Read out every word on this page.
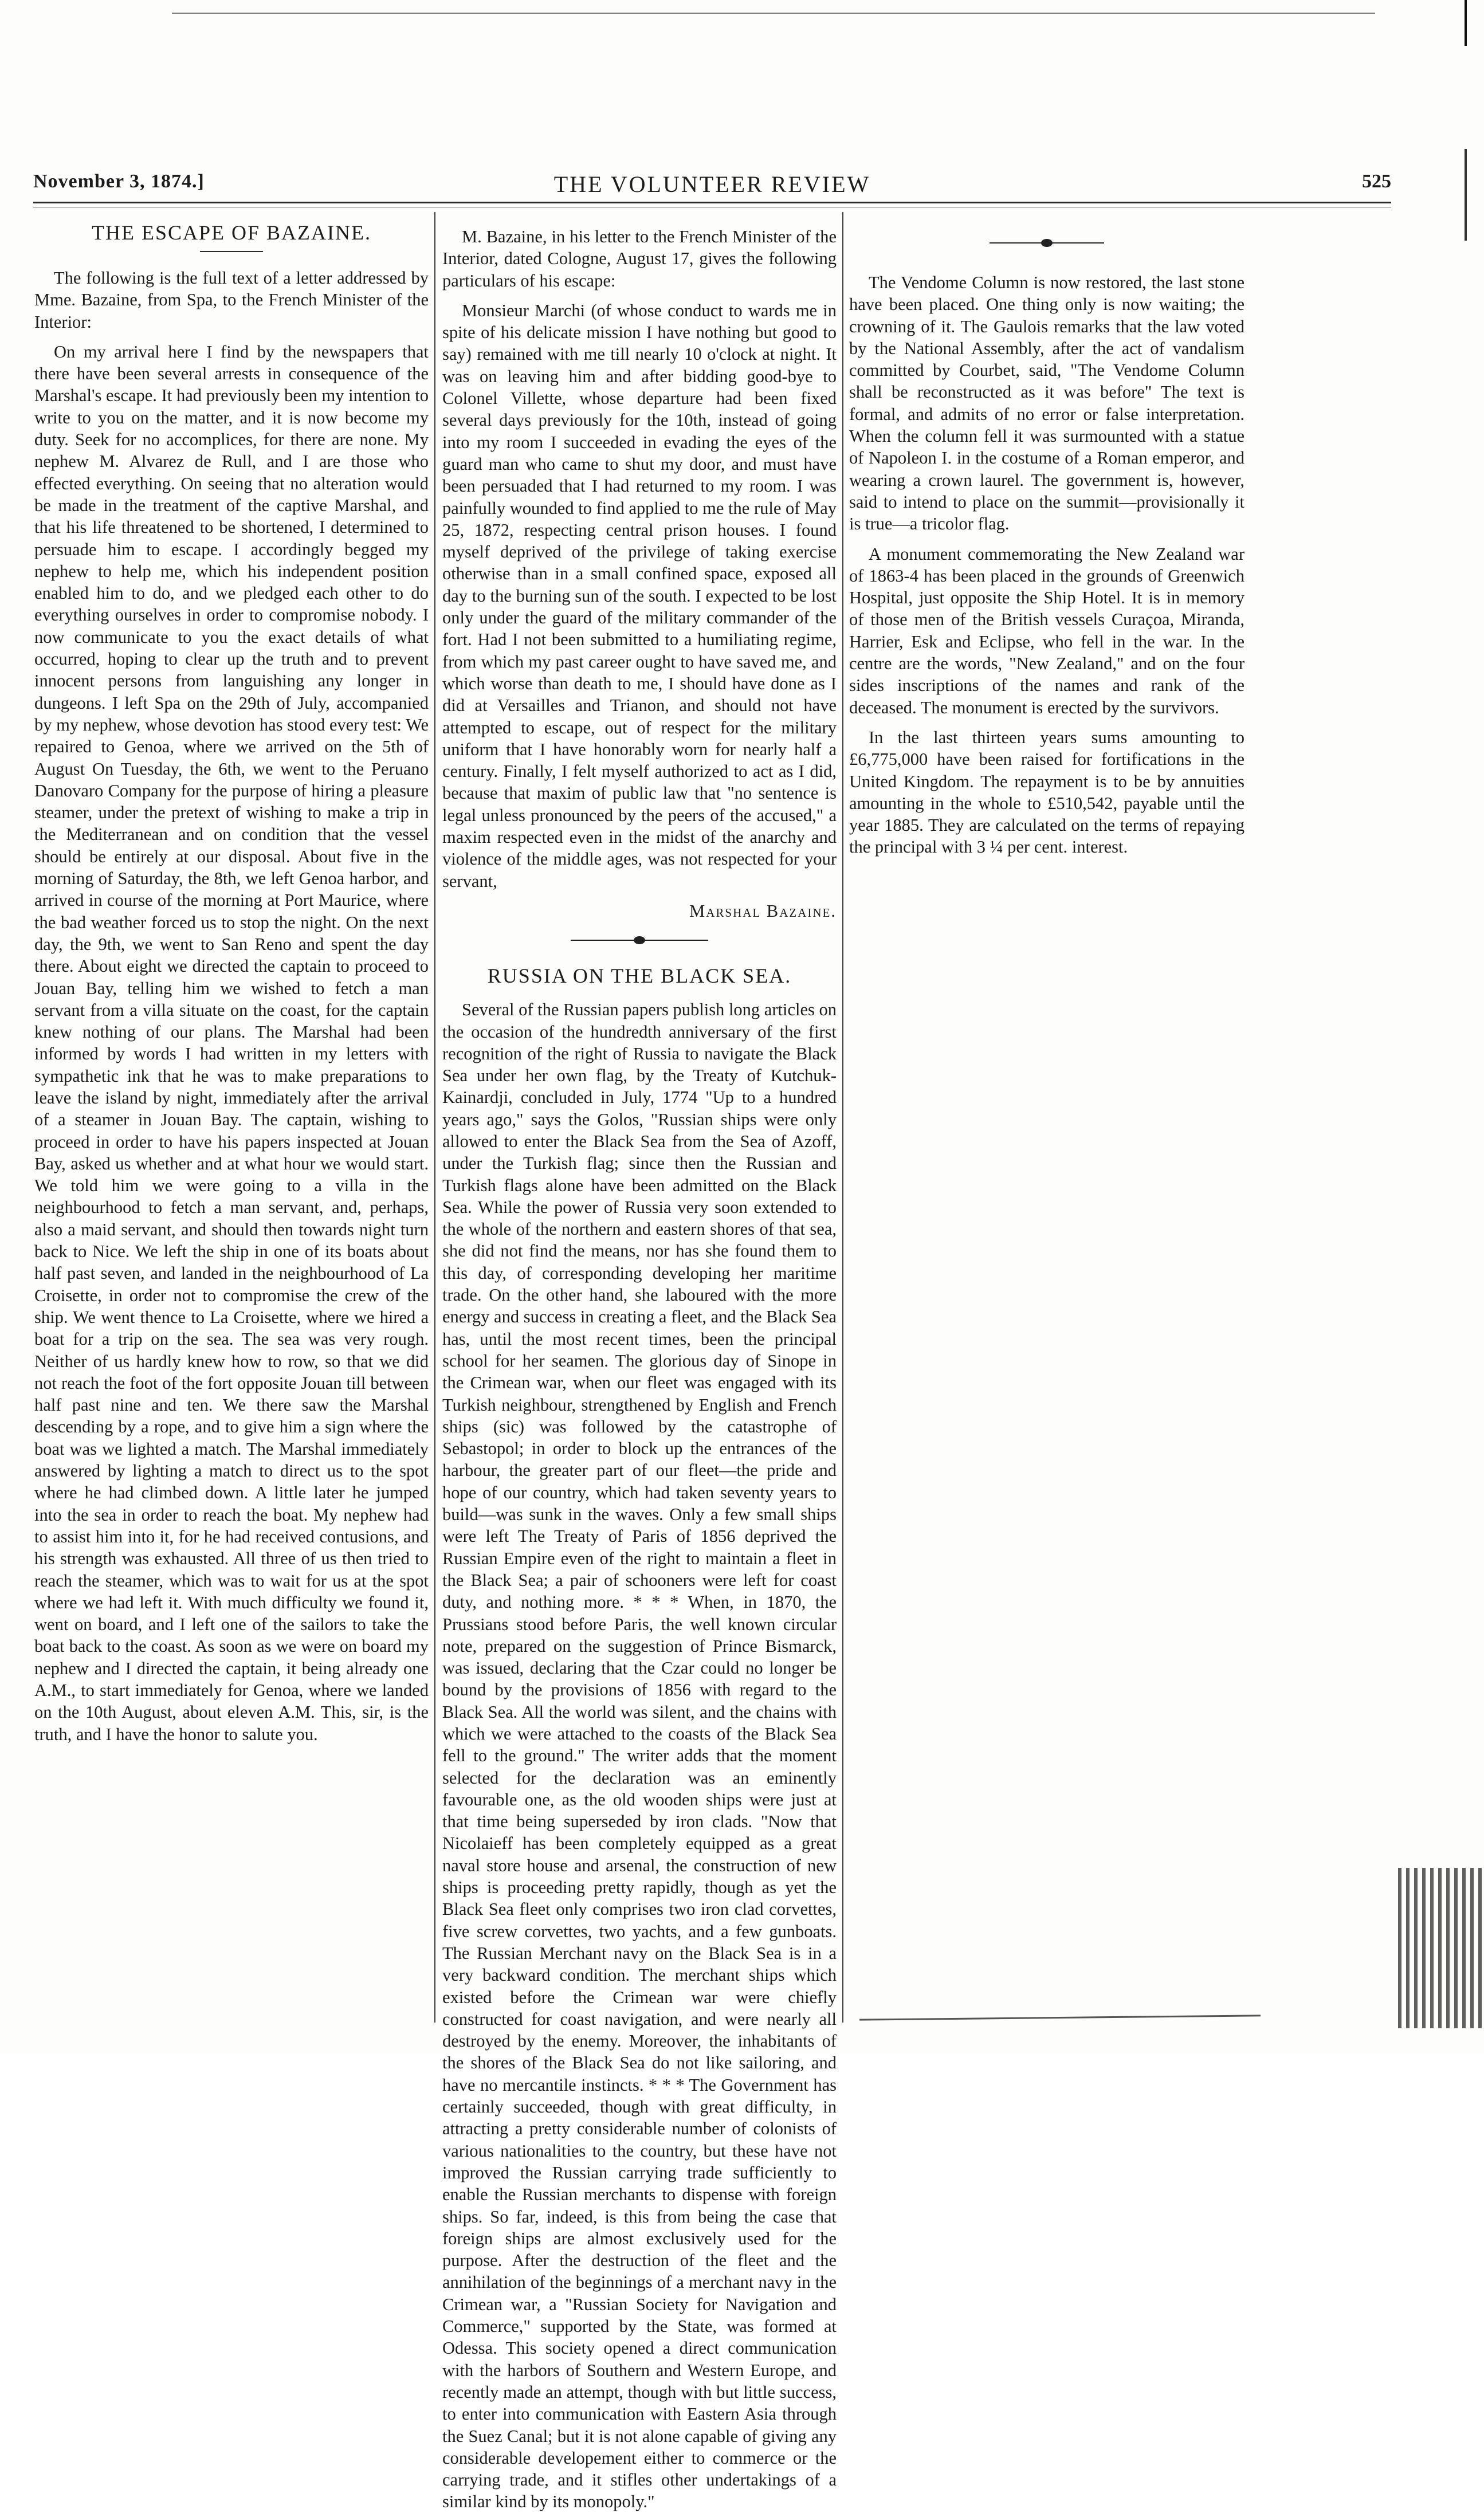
November 3, 1874.]	THE VOLUNTEER REVIEW	525
THE ESCAPE OF BAZAINE.

The following is the full text of a letter addressed by Mme. Bazaine, from Spa, to the French Minister of the Interior:

On my arrival here I find by the newspapers that there have been several arrests in consequence of the Marshal's escape. It had previously been my intention to write to you on the matter, and it is now become my duty. Seek for no accomplices, for there are none. My nephew M. Alvarez de Rull, and I are those who effected everything. On seeing that no alteration would be made in the treatment of the captive Marshal, and that his life threatened to be shortened, I determined to persuade him to escape. I accordingly begged my nephew to help me, which his independent position enabled him to do, and we pledged each other to do everything ourselves in order to compromise nobody. I now communicate to you the exact details of what occurred, hoping to clear up the truth and to prevent innocent persons from languishing any longer in dungeons. I left Spa on the 29th of July, accompanied by my nephew, whose devotion has stood every test: We repaired to Genoa, where we arrived on the 5th of August On Tuesday, the 6th, we went to the Peruano Danovaro Company for the purpose of hiring a pleasure steamer, under the pretext of wishing to make a trip in the Mediterranean and on condition that the vessel should be entirely at our disposal. About five in the morning of Saturday, the 8th, we left Genoa harbor, and arrived in course of the morning at Port Maurice, where the bad weather forced us to stop the night. On the next day, the 9th, we went to San Reno and spent the day there. About eight we directed the captain to proceed to Jouan Bay, telling him we wished to fetch a man servant from a villa situate on the coast, for the captain knew nothing of our plans. The Marshal had been informed by words I had written in my letters with sympathetic ink that he was to make preparations to leave the island by night, immediately after the arrival of a steamer in Jouan Bay. The captain, wishing to proceed in order to have his papers inspected at Jouan Bay, asked us whether and at what hour we would start. We told him we were going to a villa in the neighbourhood to fetch a man servant, and, perhaps, also a maid servant, and should then towards night turn back to Nice. We left the ship in one of its boats about half past seven, and landed in the neighbourhood of La Croisette, in order not to compromise the crew of the ship. We went thence to La Croisette, where we hired a boat for a trip on the sea. The sea was very rough. Neither of us hardly knew how to row, so that we did not reach the foot of the fort opposite Jouan till between half past nine and ten. We there saw the Marshal descending by a rope, and to give him a sign where the boat was we lighted a match. The Marshal immediately answered by lighting a match to direct us to the spot where he had climbed down. A little later he jumped into the sea in order to reach the boat. My nephew had to assist him into it, for he had received contusions, and his strength was exhausted. All three of us then tried to reach the steamer, which was to wait for us at the spot where we had left it. With much difficulty we found it, went on board, and I left one of the sailors to take the boat back to the coast. As soon as we were on board my nephew and I directed the captain, it being already one A.M., to start immediately for Genoa, where we landed on the 10th August, about eleven A.M. This, sir, is the truth, and I have the honor to salute you.

M. Bazaine, in his letter to the French Minister of the Interior, dated Cologne, August 17, gives the following particulars of his escape:

Monsieur Marchi (of whose conduct to wards me in spite of his delicate mission I have nothing but good to say) remained with me till nearly 10 o'clock at night. It was on leaving him and after bidding good-bye to Colonel Villette, whose departure had been fixed several days previously for the 10th, instead of going into my room I succeeded in evading the eyes of the guard man who came to shut my door, and must have been persuaded that I had returned to my room. I was painfully wounded to find applied to me the rule of May 25, 1872, respecting central prison houses. I found myself deprived of the privilege of taking exercise otherwise than in a small confined space, exposed all day to the burning sun of the south. I expected to be lost only under the guard of the military commander of the fort. Had I not been submitted to a humiliating regime, from which my past career ought to have saved me, and which worse than death to me, I should have done as I did at Versailles and Trianon, and should not have attempted to escape, out of respect for the military uniform that I have honorably worn for nearly half a century. Finally, I felt myself authorized to act as I did, because that maxim of public law that "no sentence is legal unless pronounced by the peers of the accused," a maxim respected even in the midst of the anarchy and violence of the middle ages, was not respected for your servant,

Marshal Bazaine.

RUSSIA ON THE BLACK SEA.

Several of the Russian papers publish long articles on the occasion of the hundredth anniversary of the first recognition of the right of Russia to navigate the Black Sea under her own flag, by the Treaty of Kutchuk-Kainardji, concluded in July, 1774 "Up to a hundred years ago," says the Golos, "Russian ships were only allowed to enter the Black Sea from the Sea of Azoff, under the Turkish flag; since then the Russian and Turkish flags alone have been admitted on the Black Sea. While the power of Russia very soon extended to the whole of the northern and eastern shores of that sea, she did not find the means, nor has she found them to this day, of corresponding developing her maritime trade. On the other hand, she laboured with the more energy and success in creating a fleet, and the Black Sea has, until the most recent times, been the principal school for her seamen. The glorious day of Sinope in the Crimean war, when our fleet was engaged with its Turkish neighbour, strengthened by English and French ships (sic) was followed by the catastrophe of Sebastopol; in order to block up the entrances of the harbour, the greater part of our fleet—the pride and hope of our country, which had taken seventy years to build—was sunk in the waves. Only a few small ships were left The Treaty of Paris of 1856 deprived the Russian Empire even of the right to maintain a fleet in the Black Sea; a pair of schooners were left for coast duty, and nothing more. * * * When, in 1870, the Prussians stood before Paris, the well known circular note, prepared on the suggestion of Prince Bismarck, was issued, declaring that the Czar could no longer be bound by the provisions of 1856 with regard to the Black Sea. All the world was silent, and the chains with which we were attached to the coasts of the Black Sea fell to the ground." The writer adds that the moment selected for the declaration was an eminently favourable one, as the old wooden ships were just at that time being superseded by iron clads. "Now that Nicolaieff has been completely equipped as a great naval store house and arsenal, the construction of new ships is proceeding pretty rapidly, though as yet the Black Sea fleet only comprises two iron clad corvettes, five screw corvettes, two yachts, and a few gunboats. The Russian Merchant navy on the Black Sea is in a very backward condition. The merchant ships which existed before the Crimean war were chiefly constructed for coast navigation, and were nearly all destroyed by the enemy. Moreover, the inhabitants of the shores of the Black Sea do not like sailoring, and have no mercantile instincts. * * * The Government has certainly succeeded, though with great difficulty, in attracting a pretty considerable number of colonists of various nationalities to the country, but these have not improved the Russian carrying trade sufficiently to enable the Russian merchants to dispense with foreign ships. So far, indeed, is this from being the case that foreign ships are almost exclusively used for the purpose. After the destruction of the fleet and the annihilation of the beginnings of a merchant navy in the Crimean war, a "Russian Society for Navigation and Commerce," supported by the State, was formed at Odessa. This society opened a direct communication with the harbors of Southern and Western Europe, and recently made an attempt, though with but little success, to enter into communication with Eastern Asia through the Suez Canal; but it is not alone capable of giving any considerable developement either to commerce or the carrying trade, and it stifles other undertakings of a similar kind by its monopoly."

The Vendome Column is now restored, the last stone have been placed. One thing only is now waiting; the crowning of it. The Gaulois remarks that the law voted by the National Assembly, after the act of vandalism committed by Courbet, said, "The Vendome Column shall be reconstructed as it was before" The text is formal, and admits of no error or false interpretation. When the column fell it was surmounted with a statue of Napoleon I. in the costume of a Roman emperor, and wearing a crown laurel. The government is, however, said to intend to place on the summit—provisionally it is true—a tricolor flag.

A monument commemorating the New Zealand war of 1863-4 has been placed in the grounds of Greenwich Hospital, just opposite the Ship Hotel. It is in memory of those men of the British vessels Curaçoa, Miranda, Harrier, Esk and Eclipse, who fell in the war. In the centre are the words, "New Zealand," and on the four sides inscriptions of the names and rank of the deceased. The monument is erected by the survivors.

In the last thirteen years sums amounting to £6,775,000 have been raised for fortifications in the United Kingdom. The repayment is to be by annuities amounting in the whole to £510,542, payable until the year 1885. They are calculated on the terms of repaying the principal with 3 ¼ per cent. interest.
